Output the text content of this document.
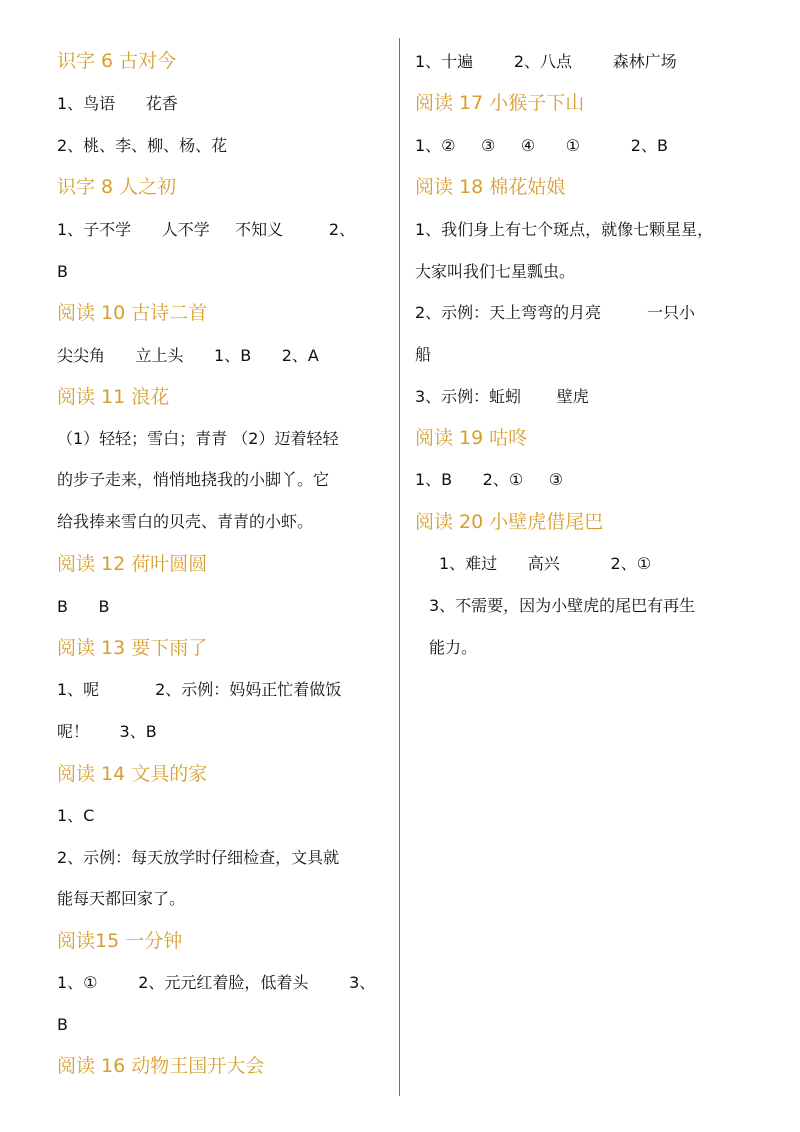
识字 6 古对今
1、鸟语      花香
2、桃、李、柳、杨、花
识字 8 人之初
1、子不学      人不学     不知义         2、
B
阅读 10 古诗二首
尖尖角      立上头      1、B      2、A
阅读 11 浪花
（1）轻轻；雪白；青青 （2）迈着轻轻
的步子走来，悄悄地挠我的小脚丫。它
给我捧来雪白的贝壳、青青的小虾。
阅读 12 荷叶圆圆
B      B
阅读 13 要下雨了
1、呢           2、示例：妈妈正忙着做饭
呢！      3、B
阅读 14 文具的家
1、C
2、示例：每天放学时仔细检查，文具就
能每天都回家了。
阅读15 一分钟
1、①        2、元元红着脸，低着头        3、
B
阅读 16 动物王国开大会
1、十遍        2、八点        森林广场
阅读 17 小猴子下山
1、②     ③     ④      ①          2、B
阅读 18 棉花姑娘
1、我们身上有七个斑点，就像七颗星星，
大家叫我们七星瓢虫。
2、示例：天上弯弯的月亮         一只小
船
3、示例：蚯蚓       壁虎
阅读 19 咕咚
1、B      2、①     ③
阅读 20 小壁虎借尾巴
1、难过      高兴          2、①
3、不需要，因为小壁虎的尾巴有再生
能力。
